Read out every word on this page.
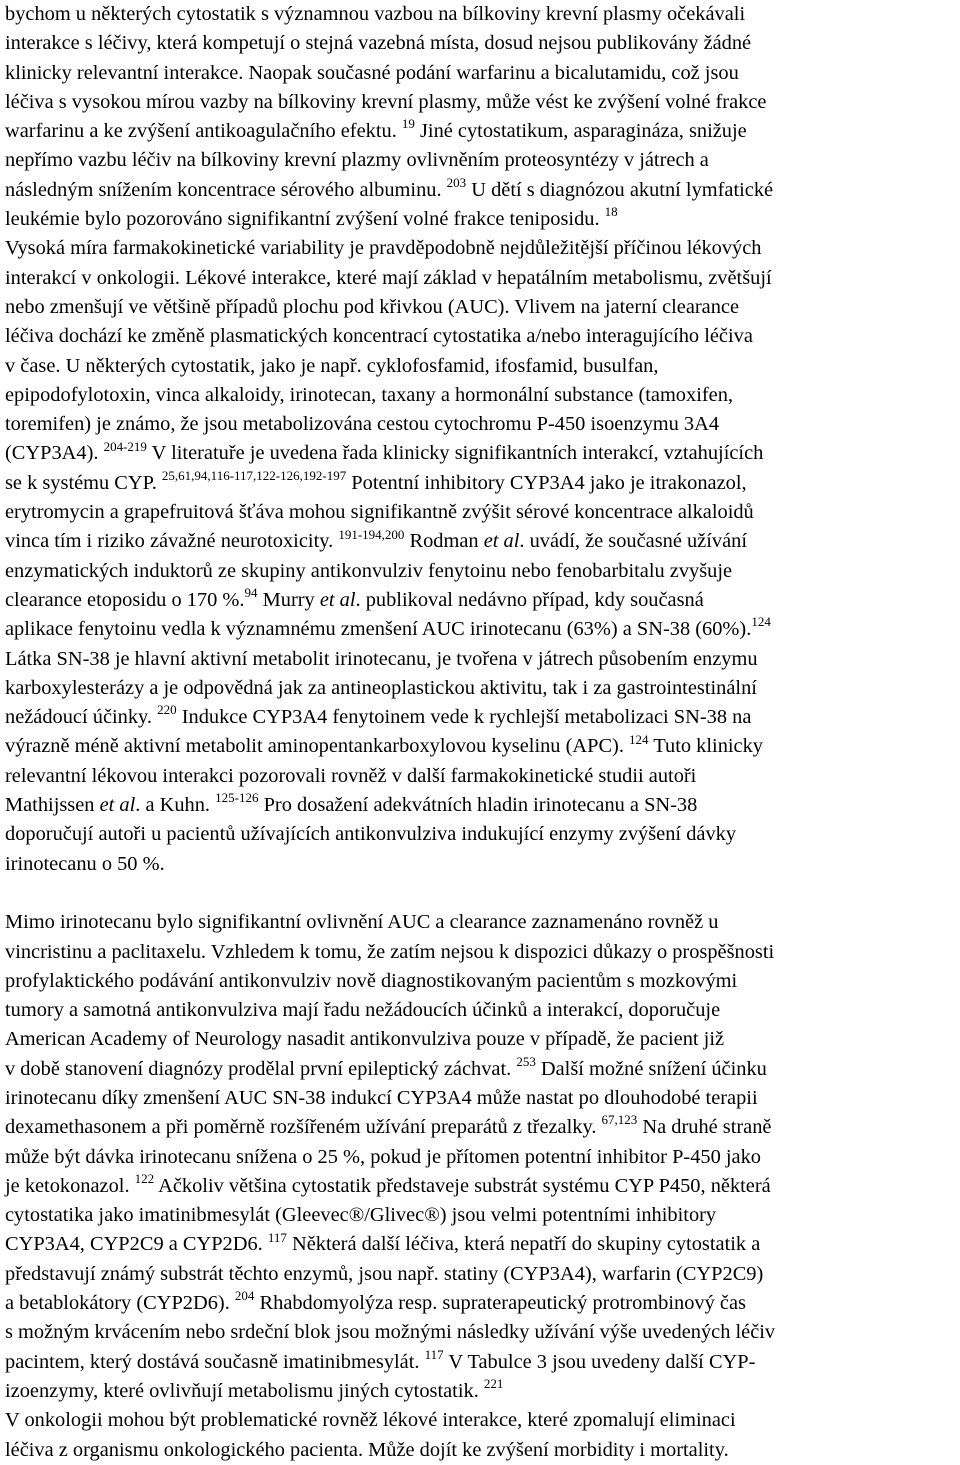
bychom u některých cytostatik s významnou vazbou na bílkoviny krevní plasmy očekávali
interakce s léčivy, která kompetují o stejná vazebná místa, dosud nejsou publikovány žádné
klinicky relevantní interakce. Naopak současné podání warfarinu a bicalutamidu, což jsou
léčiva s vysokou mírou vazby na bílkoviny krevní plasmy, může vést ke zvýšení volné frakce
warfarinu a ke zvýšení antikoagulačního efektu. $^{19}$ Jiné cytostatikum, asparagináza, snižuje
nepřímo vazbu léčiv na bílkoviny krevní plazmy ovlivněním proteosyntézy v játrech a
následným snížením koncentrace sérového albuminu. $^{203}$ U dětí s diagnózou akutní lymfatické
leukémie bylo pozorováno signifikantní zvýšení volné frakce teniposidu. $^{18}$
Vysoká míra farmakokinetické variability je pravděpodobně nejdůležitější příčinou lékových
interakcí v onkologii. Lékové interakce, které mají základ v hepatálním metabolismu, zvětšují
nebo zmenšují ve většině případů plochu pod křivkou (AUC). Vlivem na jaterní clearance
léčiva dochází ke změně plasmatických koncentrací cytostatika a/nebo interagujícího léčiva
v čase. U některých cytostatik, jako je např. cyklofosfamid, ifosfamid, busulfan,
epipodofylotoxin, vinca alkaloidy, irinotecan, taxany a hormonální substance (tamoxifen,
toremifen) je známo, že jsou metabolizována cestou cytochromu P-450 isoenzymu 3A4
(CYP3A4). $^{204-219}$ V literatuře je uvedena řada klinicky signifikantních interakcí, vztahujících
se k systému CYP. $^{25,61,94,116-117,122-126,192-197}$ Potentní inhibitory CYP3A4 jako je itrakonazol,
erytromycin a grapefruitová šťáva mohou signifikantně zvýšit sérové koncentrace alkaloidů
vinca tím i riziko závažné neurotoxicity. $^{191-194,200}$ Rodman et al. uvádí, že současné užívání
enzymatických induktorů ze skupiny antikonvulziv fenytoinu nebo fenobarbitalu zvyšuje
clearance etoposidu o 170 %.$^{94}$ Murry et al. publikoval nedávno případ, kdy současná
aplikace fenytoinu vedla k významnému zmenšení AUC irinotecanu (63%) a SN-38 (60%).$^{124}$
Látka SN-38 je hlavní aktivní metabolit irinotecanu, je tvořena v játrech působením enzymu
karboxylesterázy a je odpovědná jak za antineoplastickou aktivitu, tak i za gastrointestinální
nežádoucí účinky. $^{220}$ Indukce CYP3A4 fenytoinem vede k rychlejší metabolizaci SN-38 na
výrazně méně aktivní metabolit aminopentankarboxylovou kyselinu (APC). $^{124}$ Tuto klinicky
relevantní lékovou interakci pozorovali rovněž v další farmakokinetické studii autoři
Mathijssen et al. a Kuhn. $^{125-126}$ Pro dosažení adekvátních hladin irinotecanu a SN-38
doporučují autoři u pacientů užívajících antikonvulziva indukující enzymy zvýšení dávky
irinotecanu o 50 %.
Mimo irinotecanu bylo signifikantní ovlivnění AUC a clearance zaznamenáno rovněž u
vincristinu a paclitaxelu. Vzhledem k tomu, že zatím nejsou k dispozici důkazy o prospěšnosti
profylaktického podávání antikonvulziv nově diagnostikovaným pacientům s mozkovými
tumory a samotná antikonvulziva mají řadu nežádoucích účinků a interakcí, doporučuje
American Academy of Neurology nasadit antikonvulziva pouze v případě, že pacient již
v době stanovení diagnózy prodělal první epileptický záchvat. $^{253}$ Další možné snížení účinku
irinotecanu díky zmenšení AUC SN-38 indukcí CYP3A4 může nastat po dlouhodobé terapii
dexamethasonem a při poměrně rozšířeném užívání preparátů z třezalky. $^{67,123}$ Na druhé straně
může být dávka irinotecanu snížena o 25 %, pokud je přítomen potentní inhibitor P-450 jako
je ketokonazol. $^{122}$ Ačkoliv většina cytostatik představeje substrát systému CYP P450, některá
cytostatika jako imatinibmesylát (Gleevec®/Glivec®) jsou velmi potentními inhibitory
CYP3A4, CYP2C9 a CYP2D6. $^{117}$ Některá další léčiva, která nepatří do skupiny cytostatik a
představují známý substrát těchto enzymů, jsou např. statiny (CYP3A4), warfarin (CYP2C9)
a betablokátory (CYP2D6). $^{204}$ Rhabdomyolýza resp. supraterapeutický protrombinový čas
s možným krvácením nebo srdeční blok jsou možnými následky užívání výše uvedených léčiv
pacintem, který dostává současně imatinibmesylát. $^{117}$ V Tabulce 3 jsou uvedeny další CYP-
izoenzymy, které ovlivňují metabolismu jiných cytostatik. $^{221}$
V onkologii mohou být problematické rovněž lékové interakce, které zpomalují eliminaci
léčiva z organismu onkologického pacienta. Může dojít ke zvýšení morbidity i mortality.
